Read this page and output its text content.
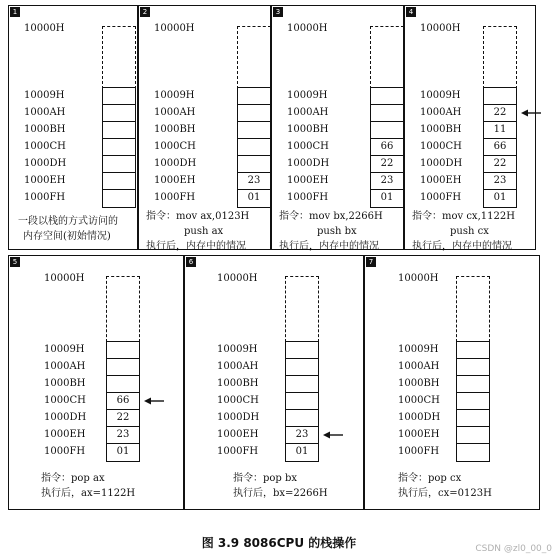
1
10000H
10009H
1000AH
1000BH
1000CH
1000DH
1000EH
1000FH
一段以栈的方式访问的
内存空间(初始情况)
2
10000H
10009H
1000AH
1000BH
1000CH
1000DH
1000EH
1000FH
23
01
指令：mov ax,0123H
push ax
执行后，内存中的情况
3
10000H
10009H
1000AH
1000BH
1000CH
1000DH
1000EH
1000FH
66
22
23
01
指令：mov bx,2266H
push bx
执行后，内存中的情况
4
10000H
10009H
1000AH
1000BH
1000CH
1000DH
1000EH
1000FH
22
11
66
22
23
01
指令：mov cx,1122H
push cx
执行后，内存中的情况
5
10000H
10009H
1000AH
1000BH
1000CH
1000DH
1000EH
1000FH
66
22
23
01
指令：pop ax
执行后，ax=1122H
6
10000H
10009H
1000AH
1000BH
1000CH
1000DH
1000EH
1000FH
23
01
指令：pop bx
执行后，bx=2266H
7
10000H
10009H
1000AH
1000BH
1000CH
1000DH
1000EH
1000FH
指令：pop cx
执行后，cx=0123H
图 3.9 8086CPU 的栈操作	CSDN @zl0_00_0
